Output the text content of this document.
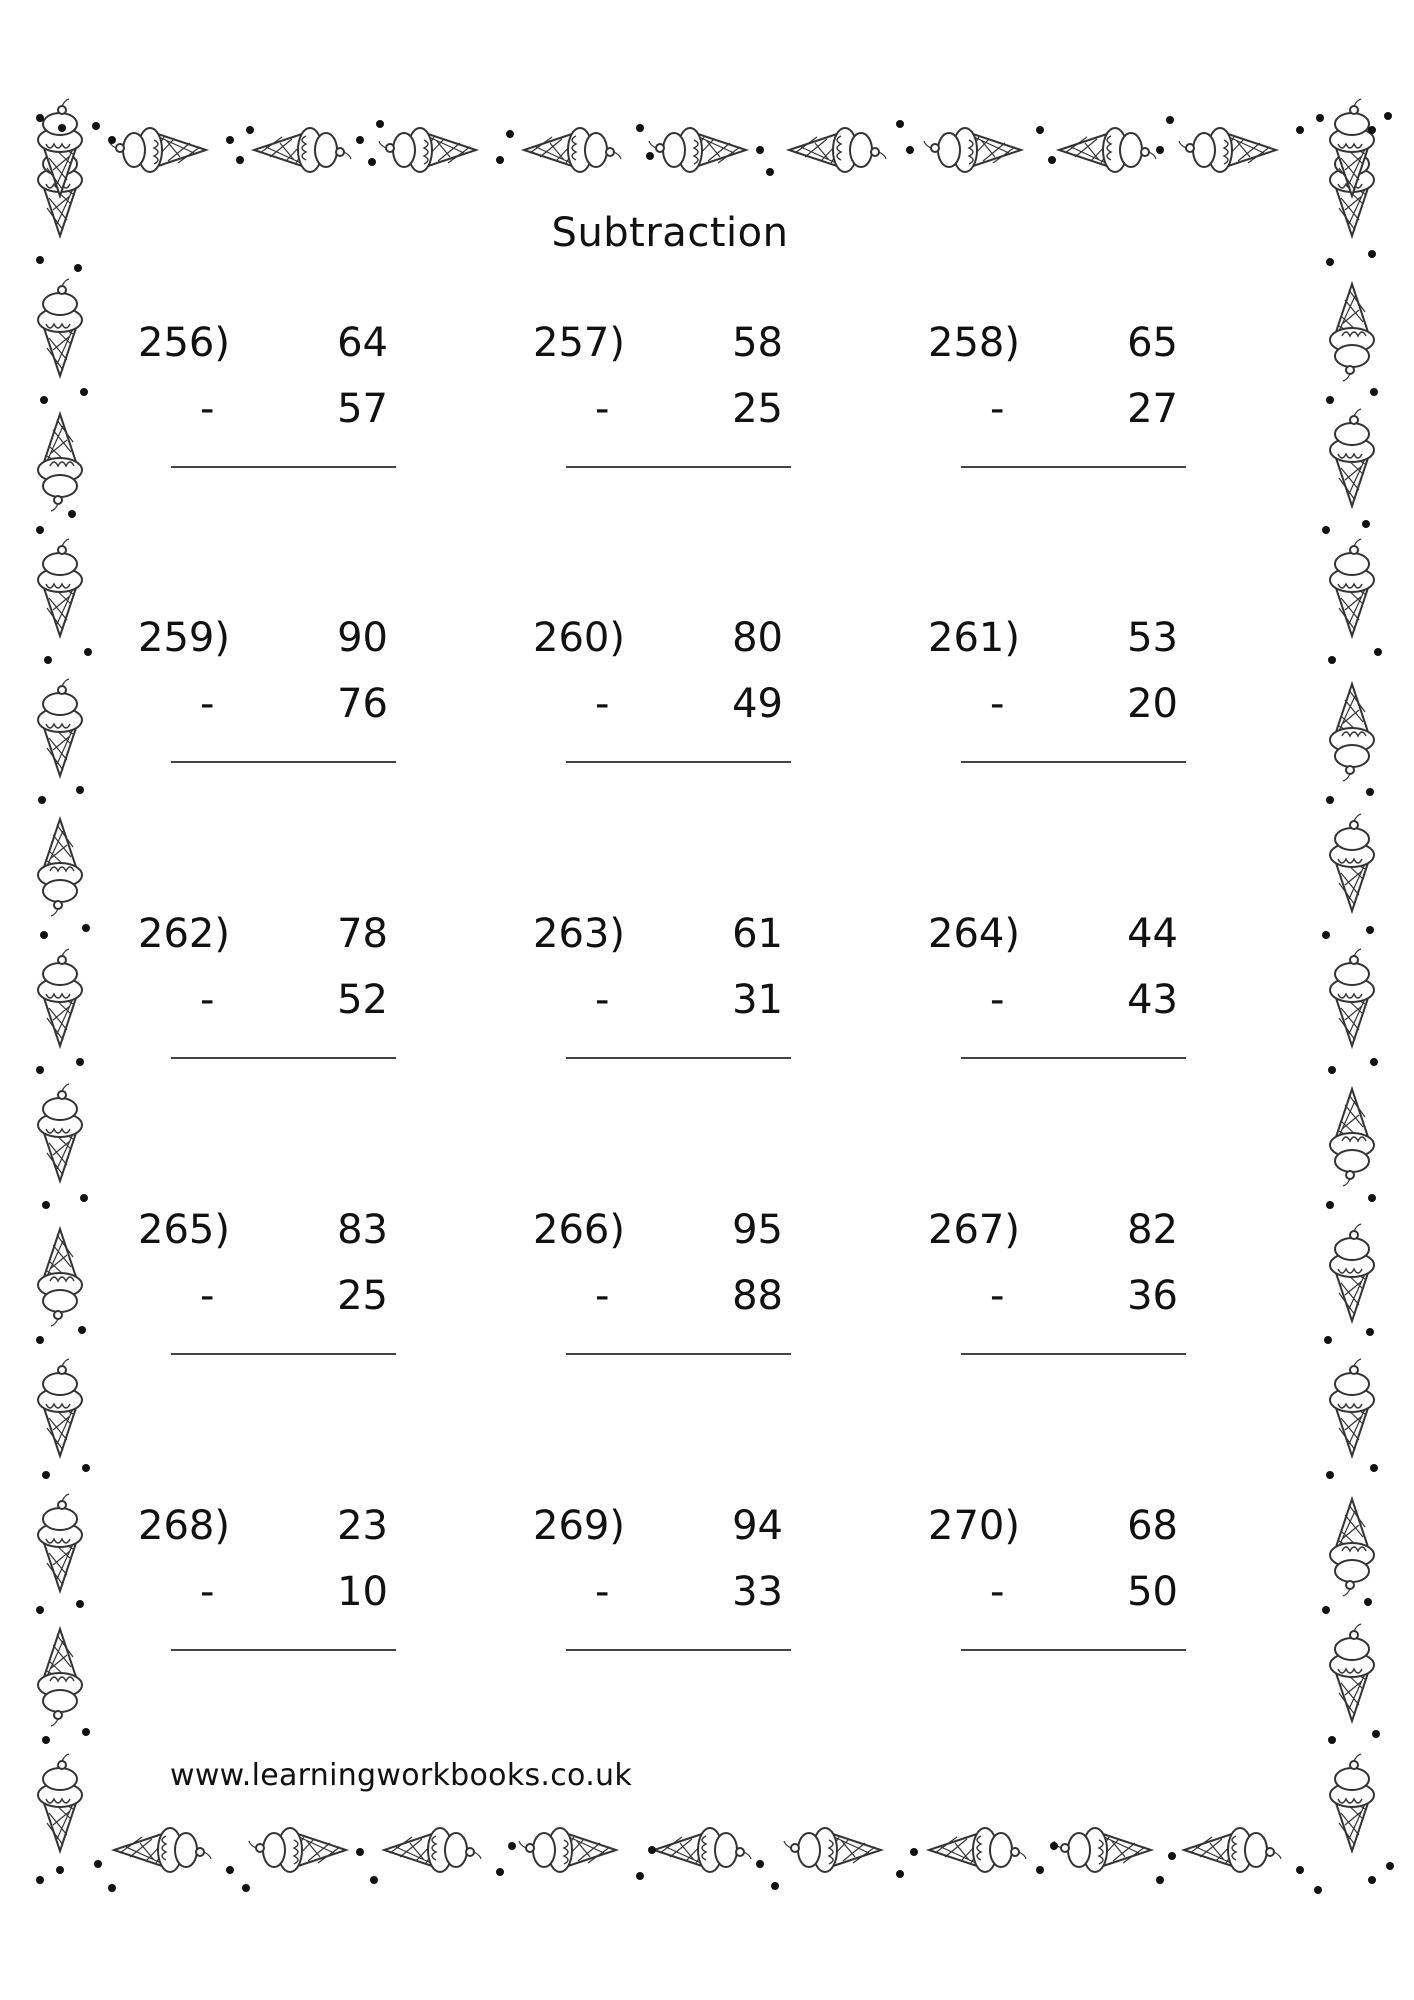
Subtraction
256)	64
-	57
257)	58
-	25
258)	65
-	27
259)	90
-	76
260)	80
-	49
261)	53
-	20
262)	78
-	52
263)	61
-	31
264)	44
-	43
265)	83
-	25
266)	95
-	88
267)	82
-	36
268)	23
-	10
269)	94
-	33
270)	68
-	50
www.learningworkbooks.co.uk
